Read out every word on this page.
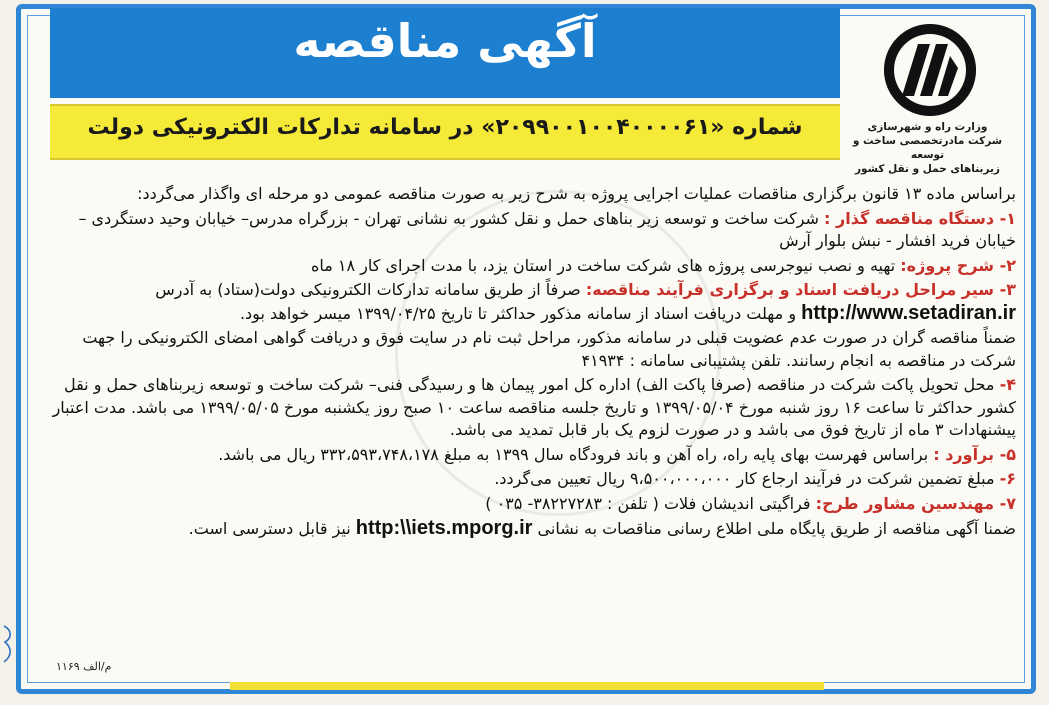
آگهی مناقصه
شماره «۲۰۹۹۰۰۱۰۰۴۰۰۰۰۶۱» در سامانه تدارکات الکترونیکی دولت	وزارت راه و شهرسازی
شرکت مادرتخصصی ساخت و توسعه
زیربناهای حمل و نقل کشور

براساس ماده ۱۳ قانون برگزاری مناقصات عملیات اجرایی پروژه به شرح زیر به صورت مناقصه عمومی دو مرحله ای واگذار می‌گردد:

۱- دستگاه مناقصه گذار : شرکت ساخت و توسعه زیر بناهای حمل و نقل کشور به نشانی تهران - بزرگراه مدرس– خیابان وحید دستگردی – خیابان فرید افشار - نبش بلوار آرش

۲- شرح پروژه: تهیه و نصب نیوجرسی پروژه های شرکت ساخت در استان یزد، با مدت اجرای کار ۱۸ ماه

۳- سیر مراحل دریافت اسناد و برگزاری فرآیند مناقصه: صرفاً از طریق سامانه تدارکات الکترونیکی دولت(ستاد) به آدرس http://www.setadiran.ir و مهلت دریافت اسناد از سامانه مذکور حداکثر تا تاریخ ۱۳۹۹/۰۴/۲۵ میسر خواهد بود.

ضمناً مناقصه گران در صورت عدم عضویت قبلی در سامانه مذکور، مراحل ثبت نام در سایت فوق و دریافت گواهی امضای الکترونیکی را جهت شرکت در مناقصه به انجام رسانند. تلفن پشتیبانی سامانه : ۴۱۹۳۴

۴- محل تحویل پاکت شرکت در مناقصه (صرفا پاکت الف) اداره کل امور پیمان ها و رسیدگی فنی– شرکت ساخت و توسعه زیربناهای حمل و نقل کشور حداکثر تا ساعت ۱۶ روز شنبه مورخ ۱۳۹۹/۰۵/۰۴ و تاریخ جلسه مناقصه ساعت ۱۰ صبح روز یکشنبه مورخ ۱۳۹۹/۰۵/۰۵ می باشد. مدت اعتبار پیشنهادات ۳ ماه از تاریخ فوق می باشد و در صورت لزوم یک بار قابل تمدید می باشد.

۵- برآورد : براساس فهرست بهای پایه راه، راه آهن و باند فرودگاه سال ۱۳۹۹ به مبلغ ۳۳۲،۵۹۳،۷۴۸،۱۷۸ ریال می باشد.

۶- مبلغ تضمین شرکت در فرآیند ارجاع کار ۹،۵۰۰،۰۰۰،۰۰۰ ریال تعیین می‌گردد.

۷- مهندسین مشاور طرح: فراگیتی اندیشان فلات ( تلفن : ۳۸۲۲۷۲۸۳- ۰۳۵ )

ضمنا آگهی مناقصه از طریق پایگاه ملی اطلاع رسانی مناقصات به نشانی http:\\iets.mporg.ir نیز قابل دسترسی است.

م/الف ۱۱۶۹
